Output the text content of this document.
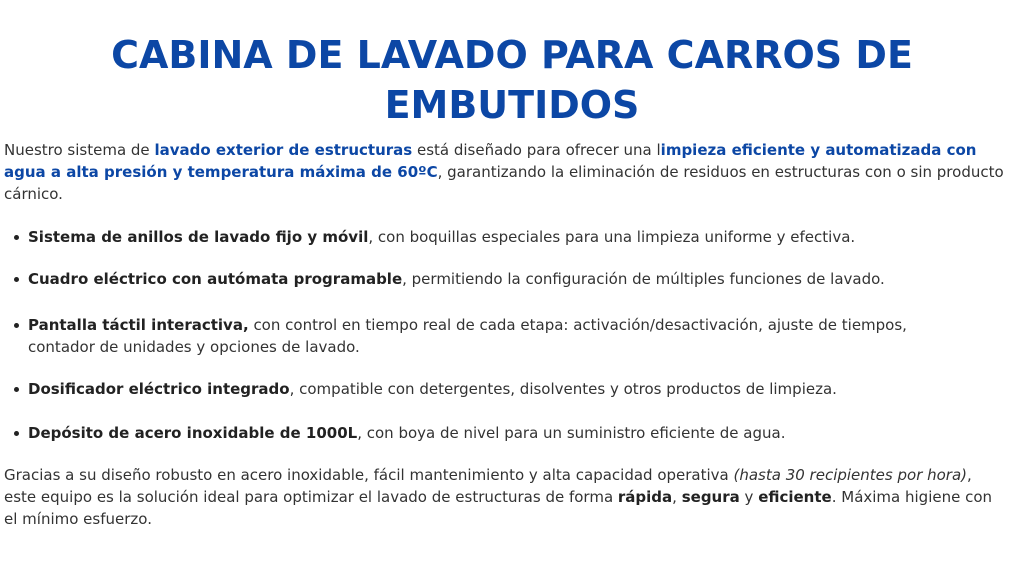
CABINA DE LAVADO PARA CARROS DE EMBUTIDOS

Nuestro sistema de lavado exterior de estructuras está diseñado para ofrecer una limpieza eficiente y automatizada con agua a alta presión y temperatura máxima de 60ºC, garantizando la eliminación de residuos en estructuras con o sin producto cárnico.

Sistema de anillos de lavado fijo y móvil, con boquillas especiales para una limpieza uniforme y efectiva.
Cuadro eléctrico con autómata programable, permitiendo la configuración de múltiples funciones de lavado.
Pantalla táctil interactiva, con control en tiempo real de cada etapa: activación/desactivación, ajuste de tiempos, contador de unidades y opciones de lavado.
Dosificador eléctrico integrado, compatible con detergentes, disolventes y otros productos de limpieza.
Depósito de acero inoxidable de 1000L, con boya de nivel para un suministro eficiente de agua.

Gracias a su diseño robusto en acero inoxidable, fácil mantenimiento y alta capacidad operativa (hasta 30 recipientes por hora), este equipo es la solución ideal para optimizar el lavado de estructuras de forma rápida, segura y eficiente. Máxima higiene con el mínimo esfuerzo.
